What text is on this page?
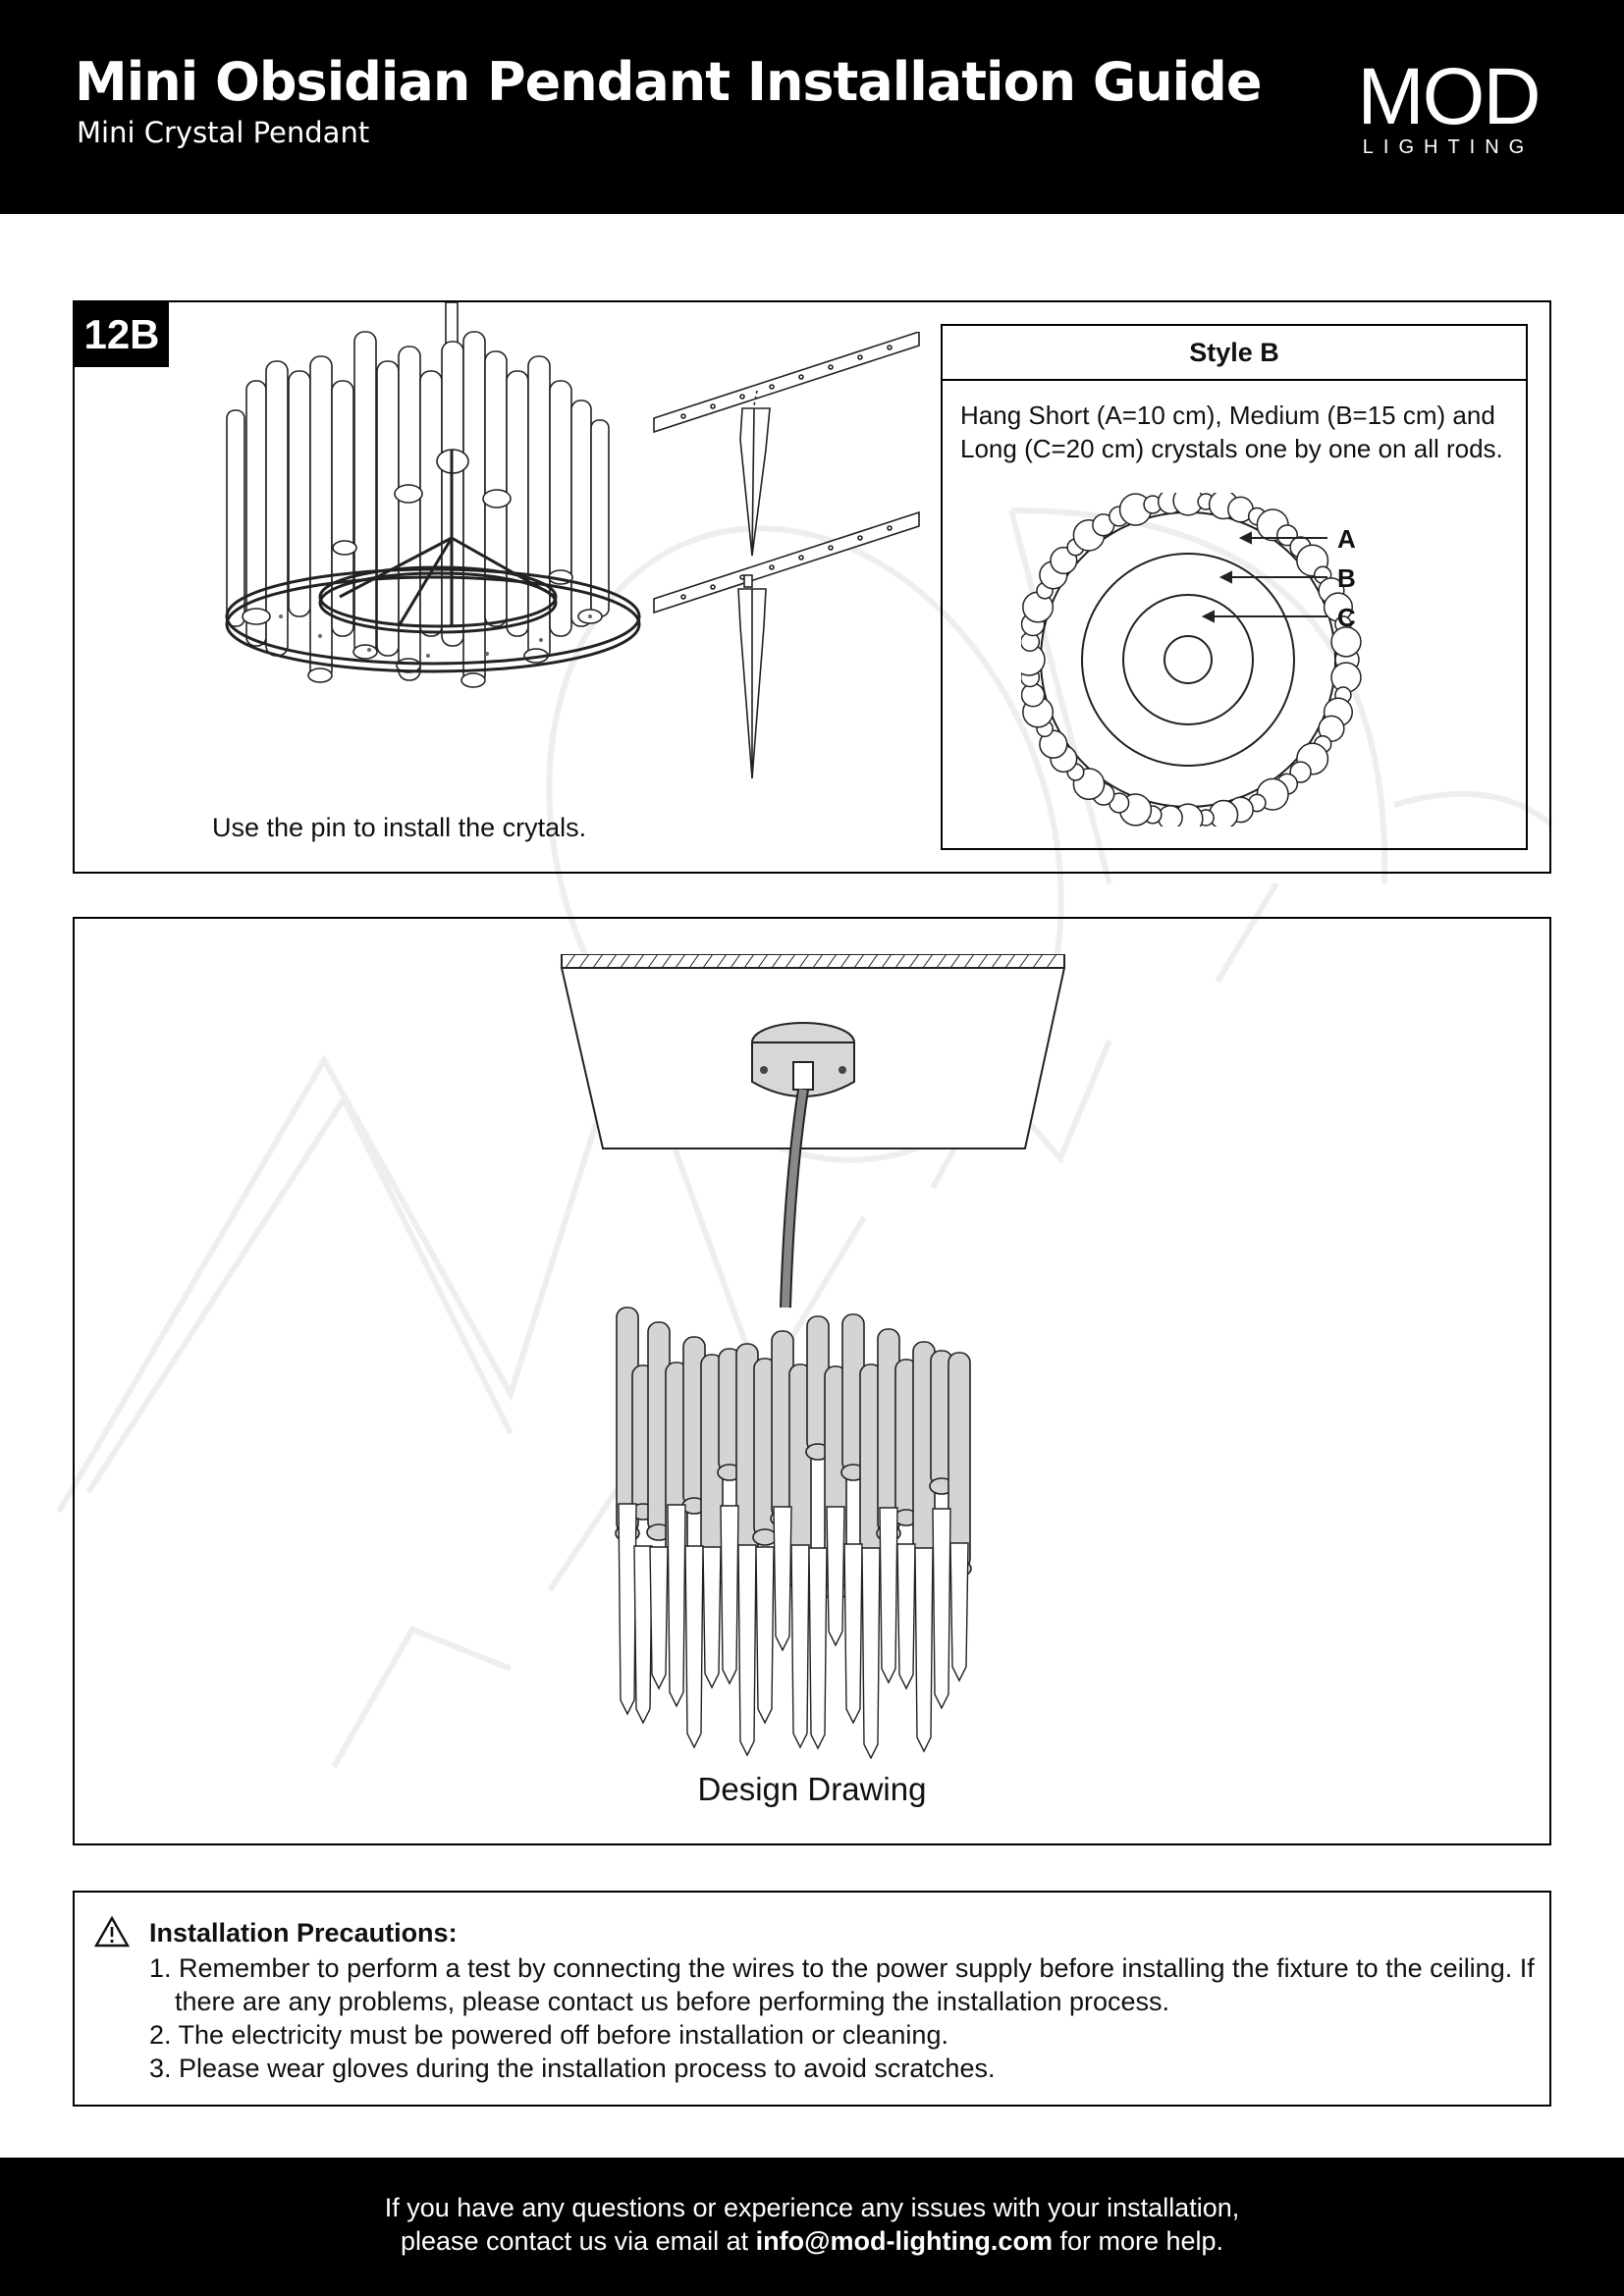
Mini Obsidian Pendant Installation Guide
Mini Crystal Pendant	MOD
LIGHTING
12B
Use the pin to install the crytals.
Style B
Hang Short (A=10 cm), Medium (B=15 cm) and Long (C=20 cm) crystals one by one on all rods.
A
B
C
Design Drawing
Installation Precautions:
1. Remember to perform a test by connecting the wires to the power supply before installing the fixture to the ceiling. If there are any problems, please contact us before performing the installation process.
2. The electricity must be powered off before installation or cleaning.
3. Please wear gloves during the installation process to avoid scratches.
If you have any questions or experience any issues with your installation,
please contact us via email at info@mod-lighting.com for more help.
